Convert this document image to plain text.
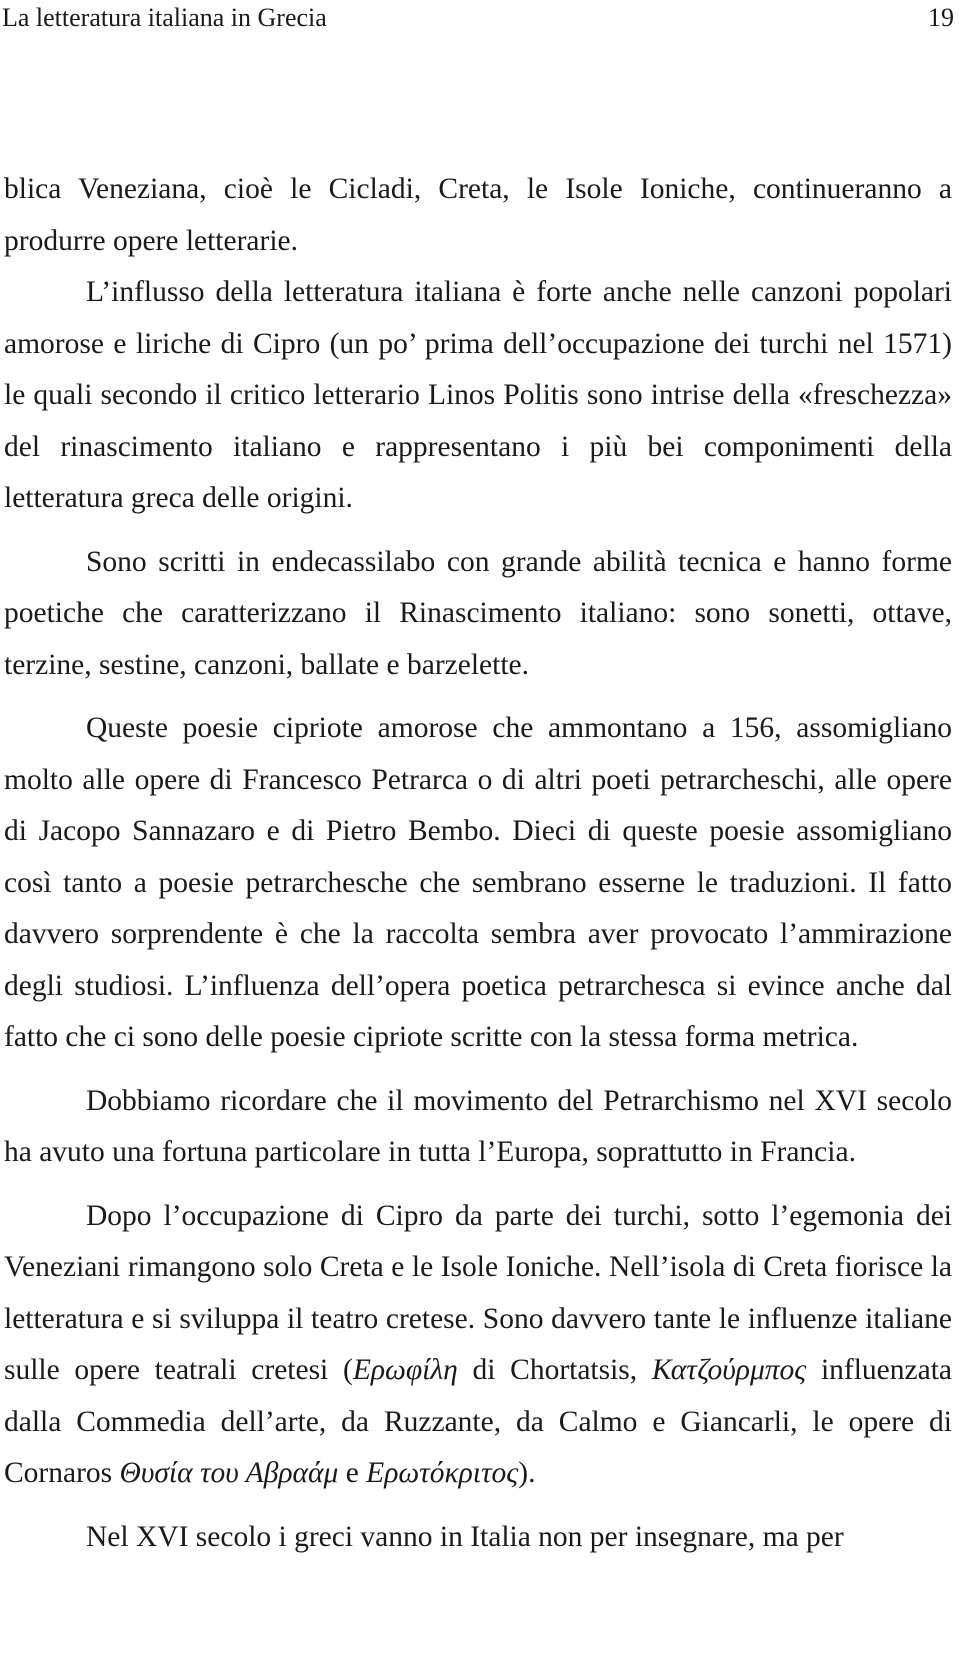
La letteratura italiana in Grecia	19

blica Veneziana, cioè le Cicladi, Creta, le Isole Ioniche, continueranno a produrre opere letterarie.

L’influsso della letteratura italiana è forte anche nelle canzoni popolari amorose e liriche di Cipro (un po’ prima dell’occupazione dei turchi nel 1571) le quali secondo il critico letterario Linos Politis sono intrise della «freschezza» del rinascimento italiano e rappresentano i più bei componimenti della letteratura greca delle origini.

Sono scritti in endecassilabo con grande abilità tecnica e hanno forme poetiche che caratterizzano il Rinascimento italiano: sono sonetti, ottave, terzine, sestine, canzoni, ballate e barzelette.

Queste poesie cipriote amorose che ammontano a 156, assomigliano molto alle opere di Francesco Petrarca o di altri poeti petrarcheschi, alle opere di Jacopo Sannazaro e di Pietro Bembo. Dieci di queste poesie assomigliano così tanto a poesie petrarchesche che sembrano esserne le traduzioni. Il fatto davvero sorprendente è che la raccolta sembra aver provocato l’ammirazione degli studiosi. L’influenza dell’opera poetica petrarchesca si evince anche dal fatto che ci sono delle poesie cipriote scritte con la stessa forma metrica.

Dobbiamo ricordare che il movimento del Petrarchismo nel XVI secolo ha avuto una fortuna particolare in tutta l’Europa, soprattutto in Francia.

Dopo l’occupazione di Cipro da parte dei turchi, sotto l’egemonia dei Veneziani rimangono solo Creta e le Isole Ioniche. Nell’isola di Creta fiorisce la letteratura e si sviluppa il teatro cretese. Sono davvero tante le influenze italiane sulle opere teatrali cretesi (Ερωφίλη di Chortatsis, Κατζούρμπος influenzata dalla Commedia dell’arte, da Ruzzante, da Calmo e Giancarli, le opere di Cornaros Θυσία του Αβραάμ e Ερωτόκριτος).

Nel XVI secolo i greci vanno in Italia non per insegnare, ma per
